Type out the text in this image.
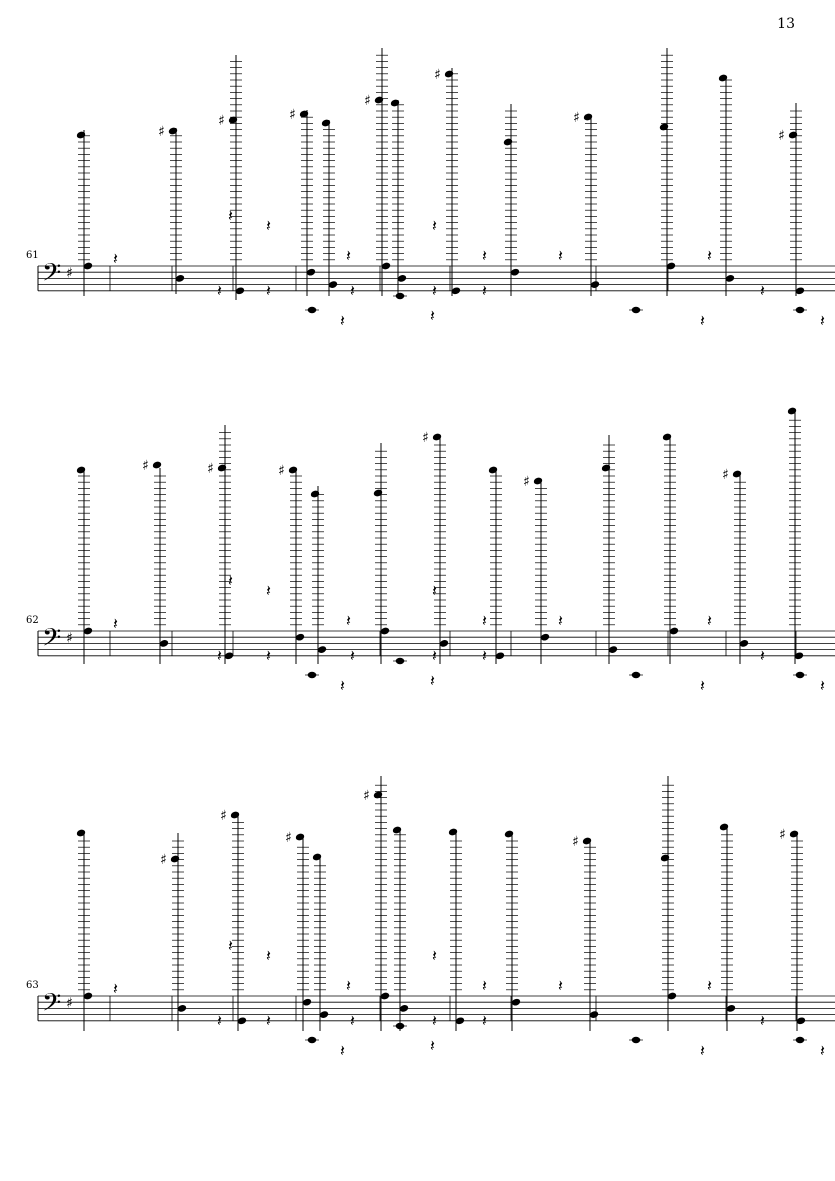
13
61
62
63
𝄢 ♯
♯
♯	♯
♯
♯
♯
♯
𝄽
𝄽
𝄽
𝄽
𝄽
𝄽	𝄽	𝄽
𝄽	𝄽	𝄽	𝄽	𝄽	𝄽
𝄽	𝄽	𝄽	𝄽
𝄢 ♯
♯	♯	♯
♯
♯	♯
𝄽
𝄽
𝄽
𝄽
𝄽
𝄽	𝄽	𝄽
𝄽	𝄽	𝄽	𝄽	𝄽	𝄽
𝄽	𝄽	𝄽	𝄽
𝄢 ♯
♯
♯
♯
♯
♯	♯
𝄽
𝄽
𝄽
𝄽
𝄽
𝄽	𝄽	𝄽
𝄽	𝄽	𝄽	𝄽	𝄽	𝄽
𝄽	𝄽	𝄽	𝄽
